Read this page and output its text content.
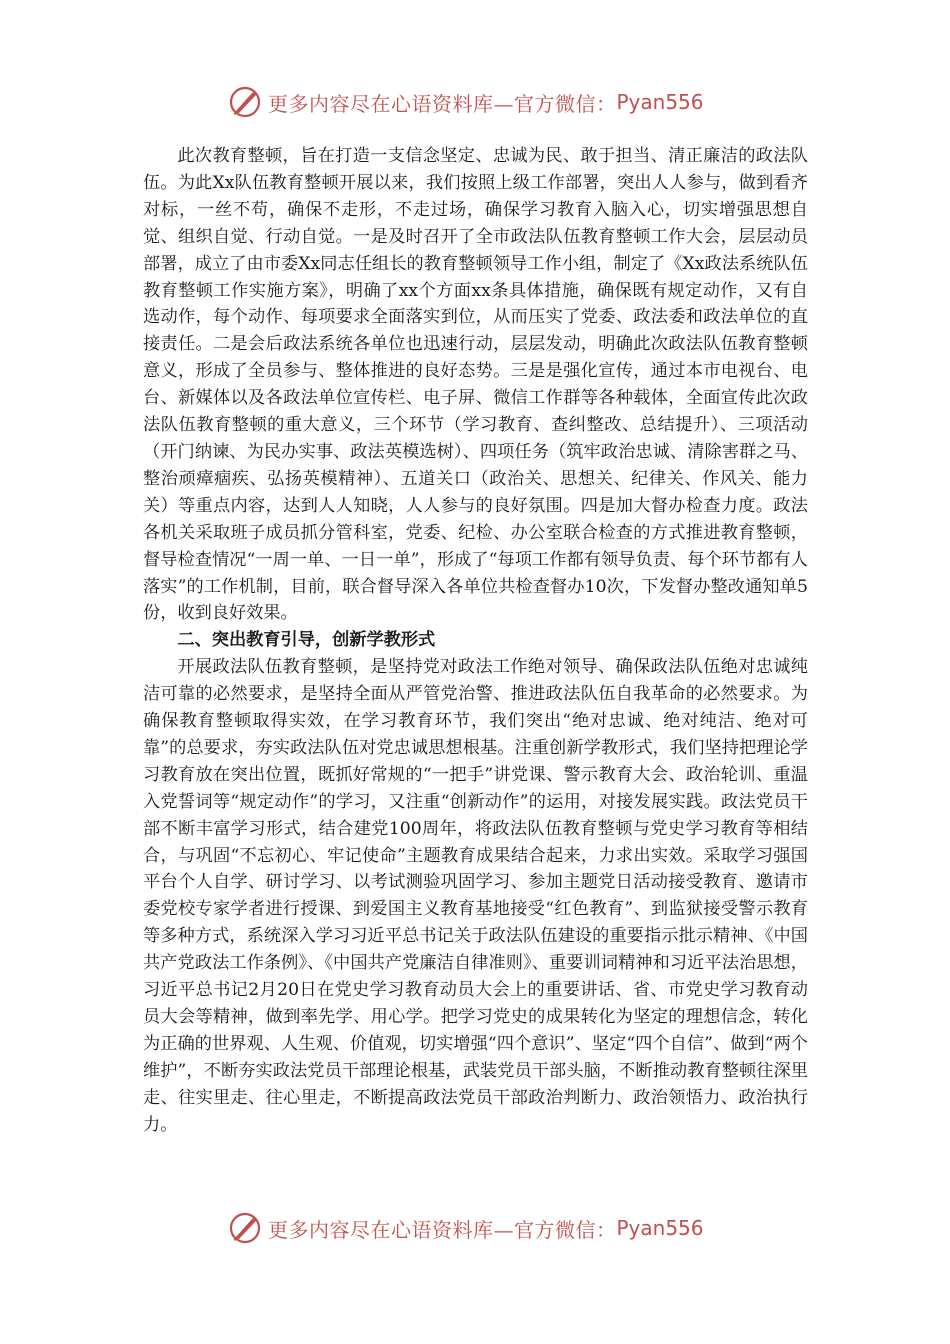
更多内容尽在心语资料库—官方微信： Pyan556

此次教育整顿，旨在打造一支信念坚定、忠诚为民、敢于担当、清正廉洁的政法队伍。为此Xx队伍教育整顿开展以来，我们按照上级工作部署，突出人人参与，做到看齐对标，一丝不苟，确保不走形，不走过场，确保学习教育入脑入心，切实增强思想自觉、组织自觉、行动自觉。一是及时召开了全市政法队伍教育整顿工作大会，层层动员部署，成立了由市委Xx同志任组长的教育整顿领导工作小组，制定了《Xx政法系统队伍教育整顿工作实施方案》，明确了xx个方面xx条具体措施，确保既有规定动作，又有自选动作，每个动作、每项要求全面落实到位，从而压实了党委、政法委和政法单位的直接责任。二是会后政法系统各单位也迅速行动，层层发动，明确此次政法队伍教育整顿意义，形成了全员参与、整体推进的良好态势。三是是强化宣传，通过本市电视台、电台、新媒体以及各政法单位宣传栏、电子屏、微信工作群等各种载体，全面宣传此次政法队伍教育整顿的重大意义，三个环节（学习教育、查纠整改、总结提升）、三项活动（开门纳谏、为民办实事、政法英模选树）、四项任务（筑牢政治忠诚、清除害群之马、整治顽瘴痼疾、弘扬英模精神）、五道关口（政治关、思想关、纪律关、作风关、能力关）等重点内容，达到人人知晓，人人参与的良好氛围。四是加大督办检查力度。政法各机关采取班子成员抓分管科室，党委、纪检、办公室联合检查的方式推进教育整顿，督导检查情况“一周一单、一日一单”，形成了“每项工作都有领导负责、每个环节都有人落实”的工作机制，目前，联合督导深入各单位共检查督办10次，下发督办整改通知单5份，收到良好效果。

二、突出教育引导，创新学教形式

开展政法队伍教育整顿，是坚持党对政法工作绝对领导、确保政法队伍绝对忠诚纯洁可靠的必然要求，是坚持全面从严管党治警、推进政法队伍自我革命的必然要求。为确保教育整顿取得实效，在学习教育环节，我们突出“绝对忠诚、绝对纯洁、绝对可靠”的总要求，夯实政法队伍对党忠诚思想根基。注重创新学教形式，我们坚持把理论学习教育放在突出位置，既抓好常规的“一把手”讲党课、警示教育大会、政治轮训、重温入党誓词等“规定动作”的学习，又注重“创新动作”的运用，对接发展实践。政法党员干部不断丰富学习形式，结合建党100周年，将政法队伍教育整顿与党史学习教育等相结合，与巩固“不忘初心、牢记使命”主题教育成果结合起来，力求出实效。采取学习强国平台个人自学、研讨学习、以考试测验巩固学习、参加主题党日活动接受教育、邀请市委党校专家学者进行授课、到爱国主义教育基地接受“红色教育”、到监狱接受警示教育等多种方式，系统深入学习习近平总书记关于政法队伍建设的重要指示批示精神、《中国共产党政法工作条例》、《中国共产党廉洁自律准则》、重要训词精神和习近平法治思想，习近平总书记2月20日在党史学习教育动员大会上的重要讲话、省、市党史学习教育动员大会等精神，做到率先学、用心学。把学习党史的成果转化为坚定的理想信念，转化为正确的世界观、人生观、价值观，切实增强“四个意识”、坚定“四个自信”、做到“两个维护”，不断夯实政法党员干部理论根基，武装党员干部头脑，不断推动教育整顿往深里走、往实里走、往心里走，不断提高政法党员干部政治判断力、政治领悟力、政治执行力。

更多内容尽在心语资料库—官方微信： Pyan556
